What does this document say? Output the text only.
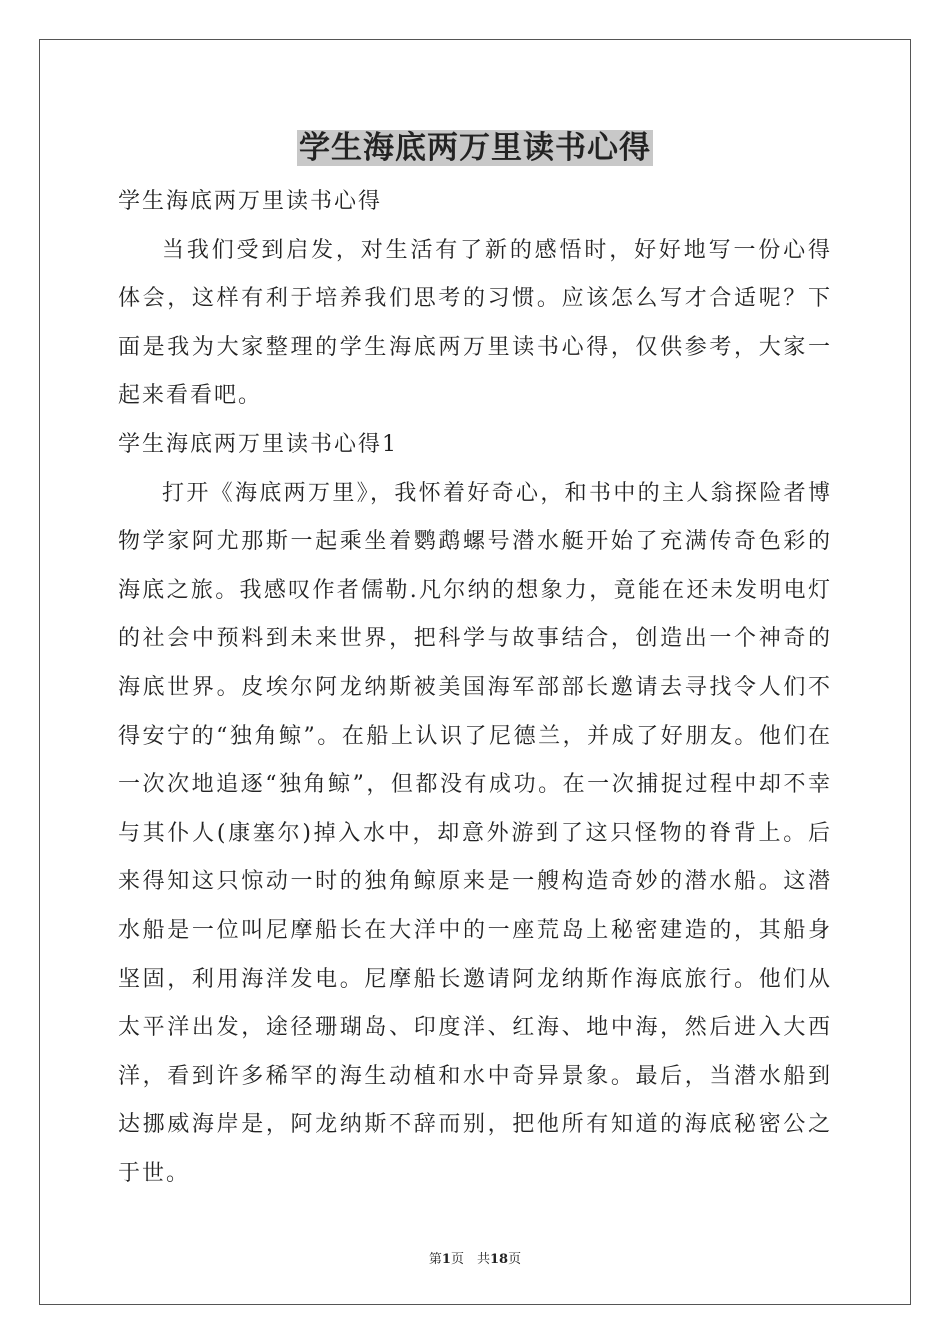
学生海底两万里读书心得

学生海底两万里读书心得

当我们受到启发，对生活有了新的感悟时，好好地写一份心得体会，这样有利于培养我们思考的习惯。应该怎么写才合适呢？下面是我为大家整理的学生海底两万里读书心得，仅供参考，大家一起来看看吧。

学生海底两万里读书心得1

打开《海底两万里》，我怀着好奇心，和书中的主人翁探险者博物学家阿尤那斯一起乘坐着鹦鹉螺号潜水艇开始了充满传奇色彩的海底之旅。我感叹作者儒勒.凡尔纳的想象力，竟能在还未发明电灯的社会中预料到未来世界，把科学与故事结合，创造出一个神奇的海底世界。皮埃尔阿龙纳斯被美国海军部部长邀请去寻找令人们不得安宁的“独角鲸”。在船上认识了尼德兰，并成了好朋友。他们在一次次地追逐“独角鲸”，但都没有成功。在一次捕捉过程中却不幸与其仆人(康塞尔)掉入水中，却意外游到了这只怪物的脊背上。后来得知这只惊动一时的独角鲸原来是一艘构造奇妙的潜水船。这潜水船是一位叫尼摩船长在大洋中的一座荒岛上秘密建造的，其船身坚固，利用海洋发电。尼摩船长邀请阿龙纳斯作海底旅行。他们从太平洋出发，途径珊瑚岛、印度洋、红海、地中海，然后进入大西洋，看到许多稀罕的海生动植和水中奇异景象。最后，当潜水船到达挪威海岸是，阿龙纳斯不辞而别，把他所有知道的海底秘密公之于世。

第1页　共18页
